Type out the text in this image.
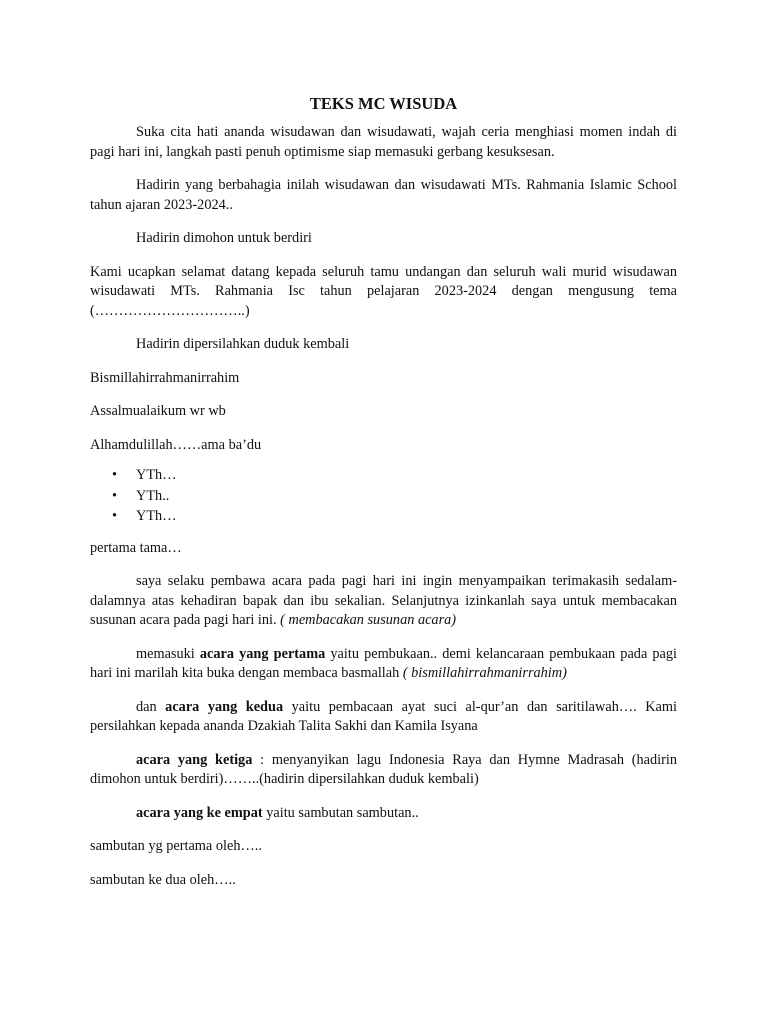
TEKS MC WISUDA

Suka cita hati ananda wisudawan dan wisudawati, wajah ceria menghiasi momen indah di pagi hari ini, langkah pasti penuh optimisme siap memasuki gerbang kesuksesan.

Hadirin yang berbahagia inilah wisudawan dan wisudawati MTs. Rahmania Islamic School tahun ajaran 2023-2024..

Hadirin dimohon untuk berdiri

Kami ucapkan selamat datang kepada seluruh tamu undangan dan seluruh wali murid wisudawan wisudawati MTs. Rahmania Isc tahun pelajaran 2023-2024 dengan mengusung tema (…………………………..)

Hadirin dipersilahkan duduk kembali

Bismillahirrahmanirrahim

Assalmualaikum wr wb

Alhamdulillah……ama ba’du

• YTh…
• YTh..
• YTh…

pertama tama…

saya selaku pembawa acara pada pagi hari ini ingin menyampaikan terimakasih sedalam-dalamnya atas kehadiran bapak dan ibu sekalian. Selanjutnya izinkanlah saya untuk membacakan susunan acara pada pagi hari ini. ( membacakan susunan acara)

memasuki acara yang pertama yaitu pembukaan.. demi kelancaraan pembukaan pada pagi hari ini marilah kita buka dengan membaca basmallah ( bismillahirrahmanirrahim)

dan acara yang kedua yaitu pembacaan ayat suci al-qur’an dan saritilawah…. Kami persilahkan kepada ananda Dzakiah Talita Sakhi dan Kamila Isyana

acara yang ketiga : menyanyikan lagu Indonesia Raya dan Hymne Madrasah (hadirin dimohon untuk berdiri)……..(hadirin dipersilahkan duduk kembali)

acara yang ke empat yaitu sambutan sambutan..

sambutan yg pertama oleh…..

sambutan ke dua oleh…..
